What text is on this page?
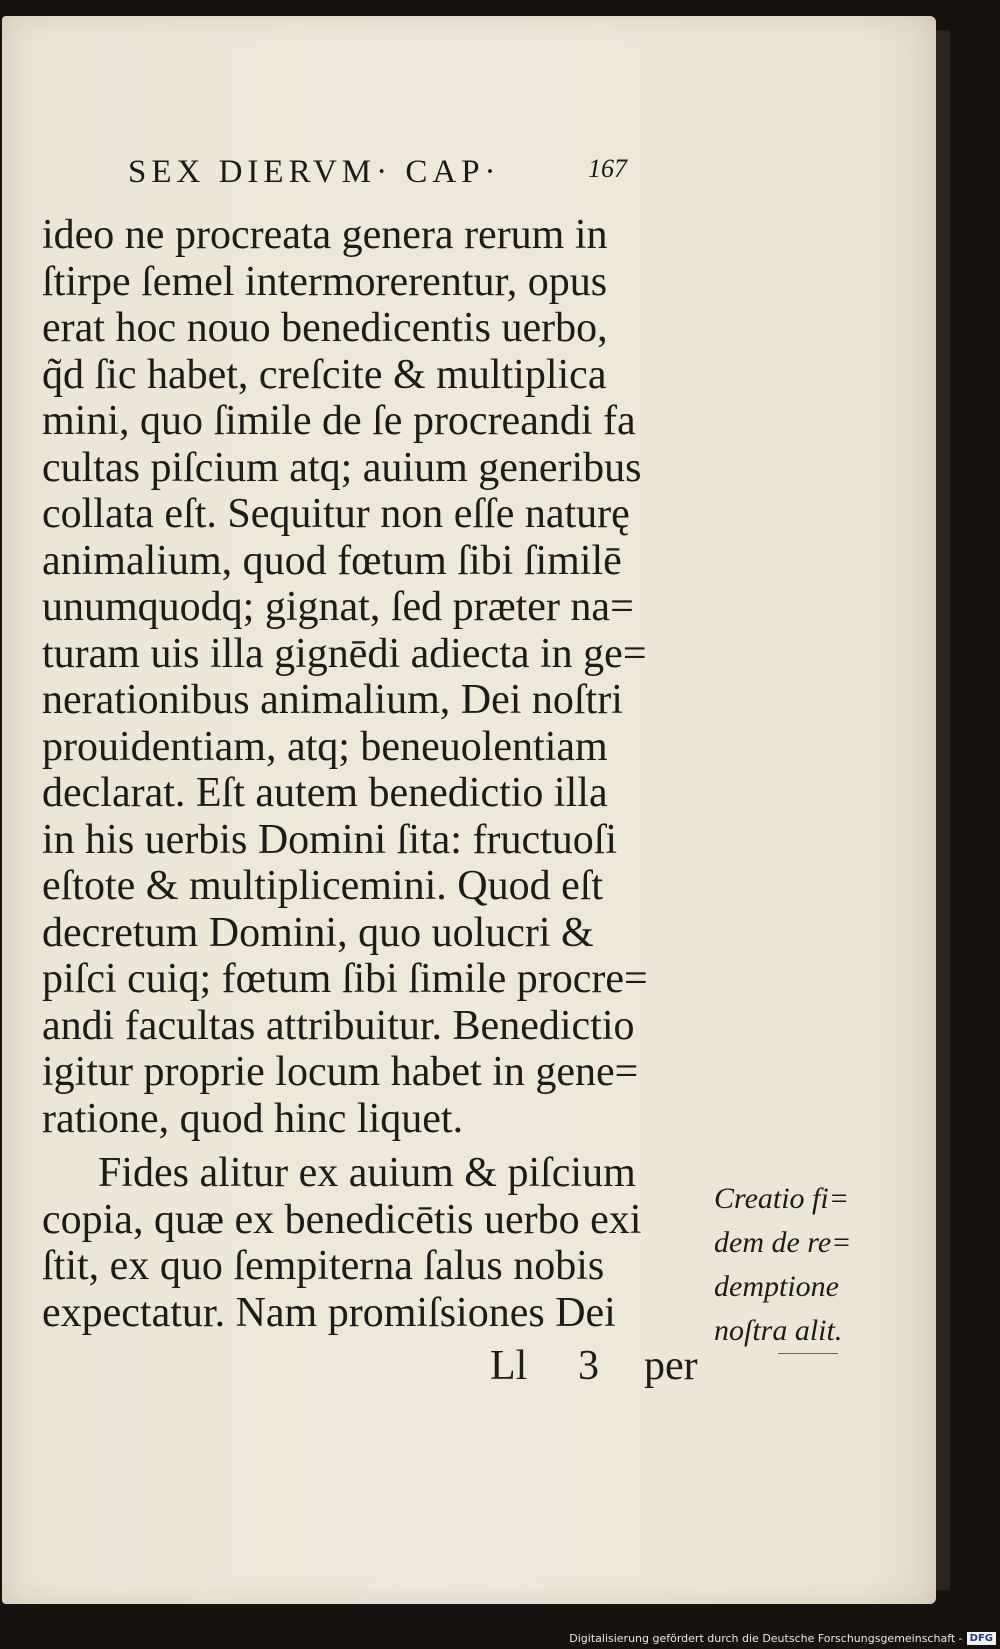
SEX DIERVM· CAP·	167
ideo ne procreata genera rerum in
ſtirpe ſemel intermorerentur, opus
erat hoc nouo benedicentis uerbo,
q̃d ſic habet, creſcite & multiplica
mini, quo ſimile de ſe procreandi fa
cultas piſcium atq; auium generibus
collata eſt. Sequitur non eſſe naturę
animalium, quod fœtum ſibi ſimilē
unumquodq; gignat, ſed præter na=
turam uis illa gignēdi adiecta in ge=
nerationibus animalium, Dei noſtri
prouidentiam, atq; beneuolentiam
declarat. Eſt autem benedictio illa
in his uerbis Domini ſita: fructuoſi
eſtote & multiplicemini. Quod eſt
decretum Domini, quo uolucri &
piſci cuiq; fœtum ſibi ſimile procre=
andi facultas attribuitur. Benedictio
igitur proprie locum habet in gene=
ratione, quod hinc liquet.
Fides alitur ex auium & piſcium
copia, quæ ex benedicētis uerbo exi
ſtit, ex quo ſempiterna ſalus nobis
expectatur. Nam promiſsiones Dei
Creatio fi=
dem de re=
demptione
noſtra alit.
Ll 3 per
Digitalisierung gefördert durch die Deutsche Forschungsgemeinschaft - DFG
